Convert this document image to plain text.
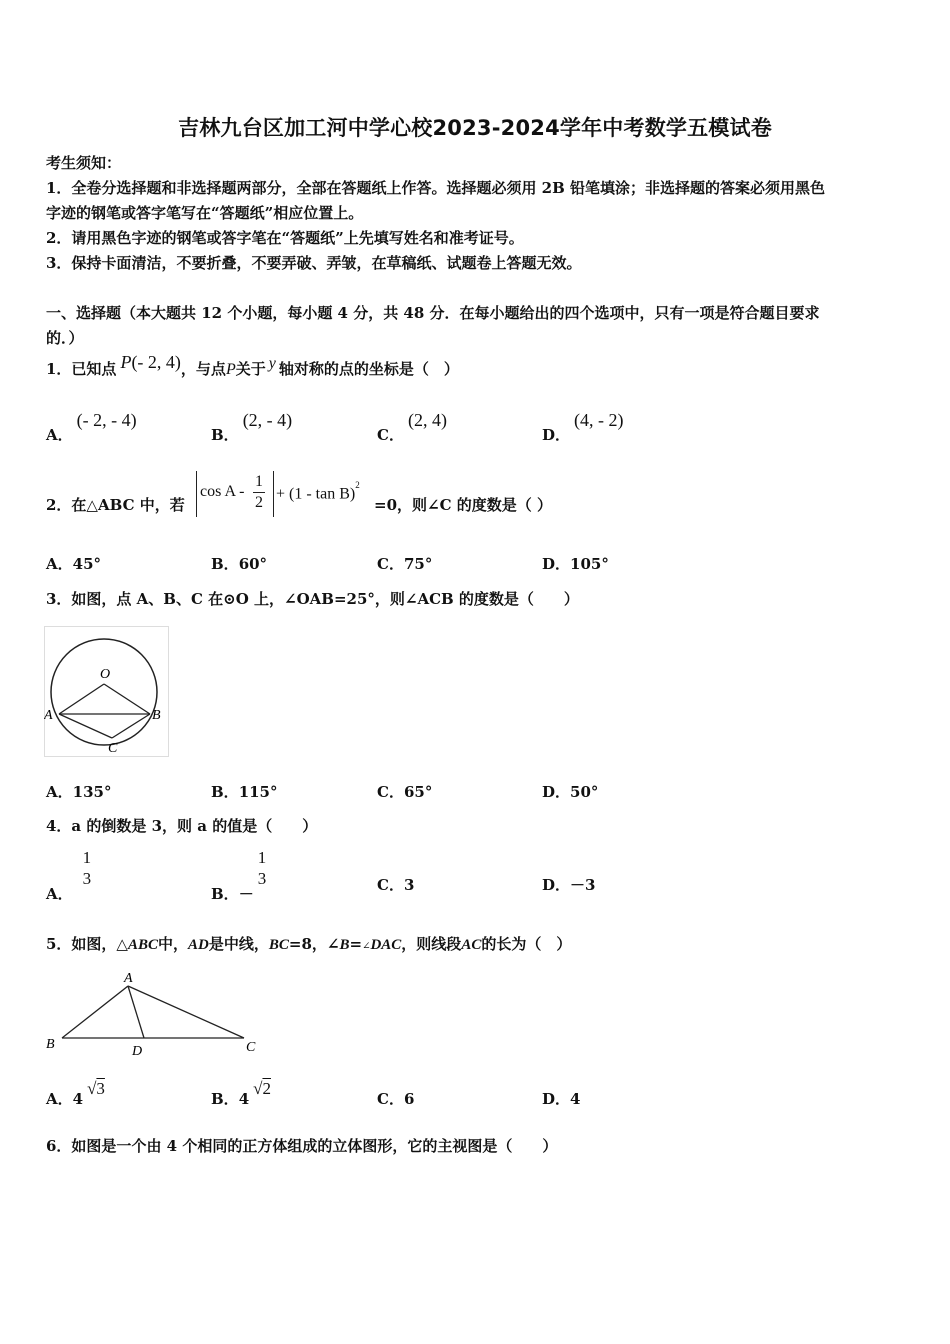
吉林九台区加工河中学心校2023-2024学年中考数学五模试卷
考生须知：
1．全卷分选择题和非选择题两部分，全部在答题纸上作答。选择题必须用 2B 铅笔填涂；非选择题的答案必须用黑色
字迹的钢笔或答字笔写在“答题纸”相应位置上。
2．请用黑色字迹的钢笔或答字笔在“答题纸”上先填写姓名和准考证号。
3．保持卡面清洁，不要折叠，不要弄破、弄皱，在草稿纸、试题卷上答题无效。
一、选择题（本大题共 12 个小题，每小题 4 分，共 48 分．在每小题给出的四个选项中，只有一项是符合题目要求
的．）
1．已知点 P(- 2, 4)，与点P关于 y 轴对称的点的坐标是（　）
A．(- 2, - 4)
B．(2, - 4)
C．(2, 4)
D．(4, - 2)
2．在△ABC 中，若
$\cos A - \frac{1}{2} + (1 - \tan B)^2$
=0，则∠C 的度数是（ ）
A．45°	B．60°	C．75°	D．105°
3．如图，点 A、B、C 在⊙O 上，∠OAB=25°，则∠ACB 的度数是（　　）
O
A	B
C
A．135°	B．115°	C．65°	D．50°
4．a 的倒数是 3，则 a 的值是（　　）
A．
$\frac{1}{3}$
B．－
$\frac{1}{3}$	C．3	D．－3
5．如图，△ABC中，AD是中线，BC=8，∠B=∠DAC，则线段AC的长为（　）
A
B	C
D
A．4√3
B．4√2
C．6	D．4
6．如图是一个由 4 个相同的正方体组成的立体图形，它的主视图是（　　）
